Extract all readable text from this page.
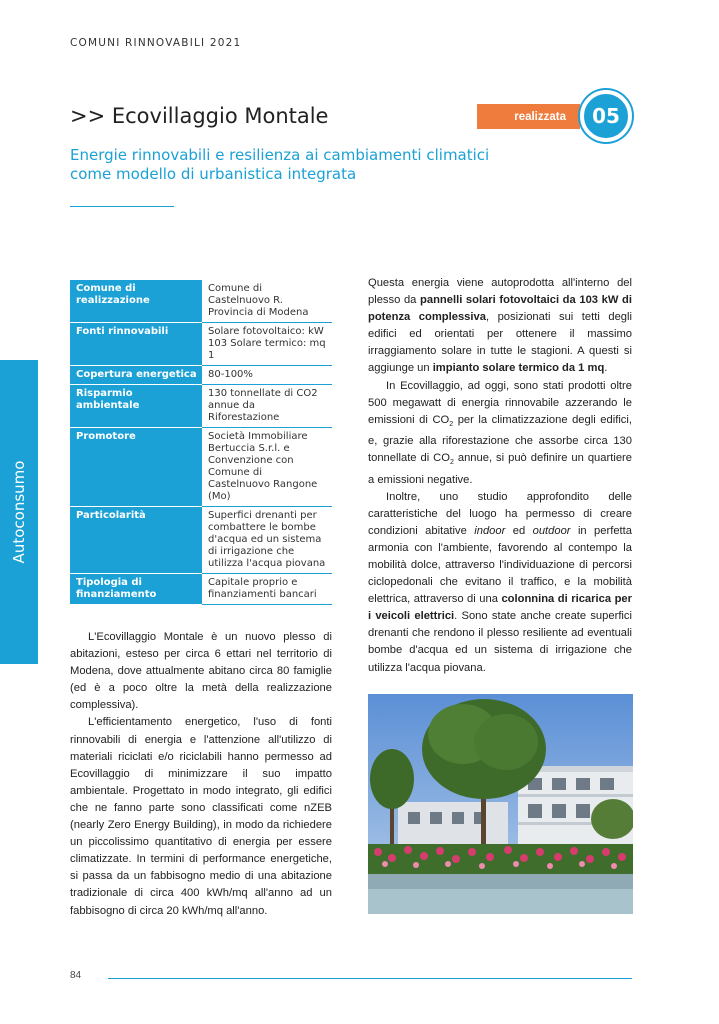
COMUNI RINNOVABILI 2021
>> Ecovillaggio Montale	realizzata	05
Energie rinnovabili e resilienza ai cambiamenti climatici come modello di urbanistica integrata
Autoconsumo
Comune di realizzazione	Comune di Castelnuovo R. Provincia di Modena
Fonti rinnovabili	Solare fotovoltaico: kW 103 Solare termico: mq 1
Copertura energetica	80-100%
Risparmio ambientale	130 tonnellate di CO2 annue da Riforestazione
Promotore	Società Immobiliare Bertuccia S.r.l. e Convenzione con Comune di Castelnuovo Rangone (Mo)
Particolarità	Superfici drenanti per combattere le bombe d'acqua ed un sistema di irrigazione che utilizza l'acqua piovana
Tipologia di finanziamento	Capitale proprio e finanziamenti bancari

L'Ecovillaggio Montale è un nuovo plesso di abitazioni, esteso per circa 6 ettari nel territorio di Modena, dove attualmente abitano circa 80 famiglie (ed è a poco oltre la metà della realizzazione complessiva).

L'efficientamento energetico, l'uso di fonti rinnovabili di energia e l'attenzione all'utilizzo di materiali riciclati e/o riciclabili hanno permesso ad Ecovillaggio di minimizzare il suo impatto ambientale. Progettato in modo integrato, gli edifici che ne fanno parte sono classificati come nZEB (nearly Zero Energy Building), in modo da richiedere un piccolissimo quantitativo di energia per essere climatizzate. In termini di performance energetiche, si passa da un fabbisogno medio di una abitazione tradizionale di circa 400 kWh/mq all'anno ad un fabbisogno di circa 20 kWh/mq all'anno.

Questa energia viene autoprodotta all'interno del plesso da pannelli solari fotovoltaici da 103 kW di potenza complessiva, posizionati sui tetti degli edifici ed orientati per ottenere il massimo irraggiamento solare in tutte le stagioni. A questi si aggiunge un impianto solare termico da 1 mq.

In Ecovillaggio, ad oggi, sono stati prodotti oltre 500 megawatt di energia rinnovabile azzerando le emissioni di $CO_2$ per la climatizzazione degli edifici, e, grazie alla riforestazione che assorbe circa 130 tonnellate di $CO_2$ annue, si può definire un quartiere a emissioni negative.

Inoltre, uno studio approfondito delle caratteristiche del luogo ha permesso di creare condizioni abitative indoor ed outdoor in perfetta armonia con l'ambiente, favorendo al contempo la mobilità dolce, attraverso l'individuazione di percorsi ciclopedonali che evitano il traffico, e la mobilità elettrica, attraverso di una colonnina di ricarica per i veicoli elettrici. Sono state anche create superfici drenanti che rendono il plesso resiliente ad eventuali bombe d'acqua ed un sistema di irrigazione che utilizza l'acqua piovana.

84
